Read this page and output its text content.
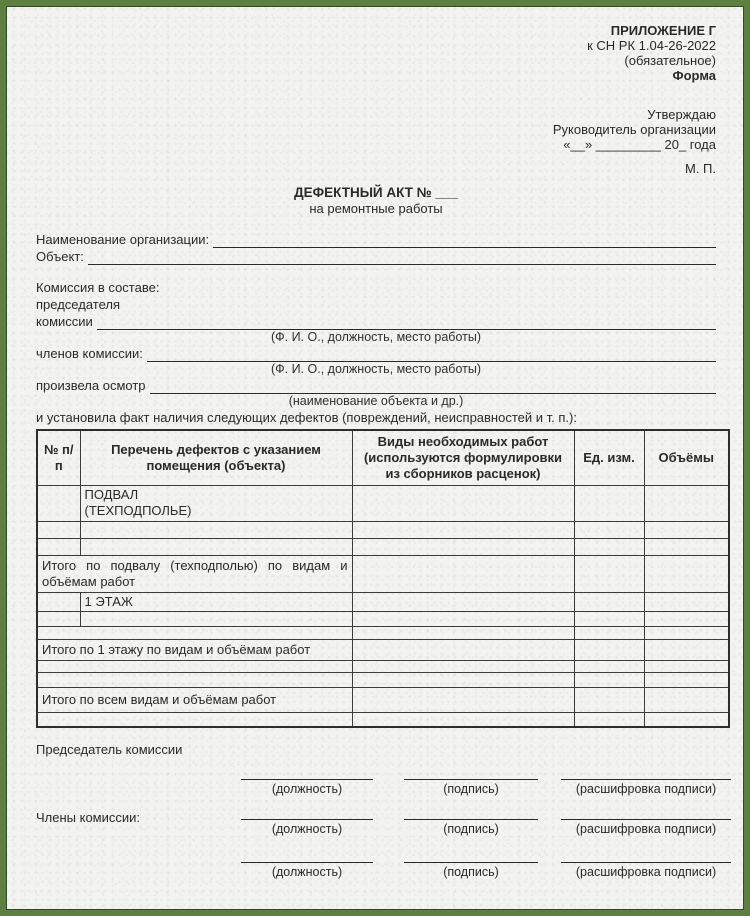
ПРИЛОЖЕНИЕ Г
к СН РК 1.04-26-2022
(обязательное)
Форма
Утверждаю
Руководитель организации
«__» _________ 20_ года
М. П.
ДЕФЕКТНЫЙ АКТ № ___
на ремонтные работы
Наименование организации:
Объект:
Комиссия в составе:
председателя
комиссии
(Ф. И. О., должность, место работы)
членов комиссии:
(Ф. И. О., должность, место работы)
произвела осмотр
(наименование объекта и др.)
и установила факт наличия следующих дефектов (повреждений, неисправностей и т. п.):
№ п/п	Перечень дефектов с указанием помещения (объекта)	Виды необходимых работ (используются формулировки из сборников расценок)	Ед. изм.	Объёмы

	ПОДВАЛ
(ТЕХПОДПОЛЬЕ)			

Итого по подвалу (техподполью) по видам и объёмам работ				
	1 ЭТАЖ			

Итого по 1 этажу по видам и объёмам работ				

Итого по всем видам и объёмам работ				

Председатель комиссии
(должность)	(подпись)	(расшифровка подписи)
Члены комиссии:
(должность)	(подпись)	(расшифровка подписи)
(должность)	(подпись)	(расшифровка подписи)
